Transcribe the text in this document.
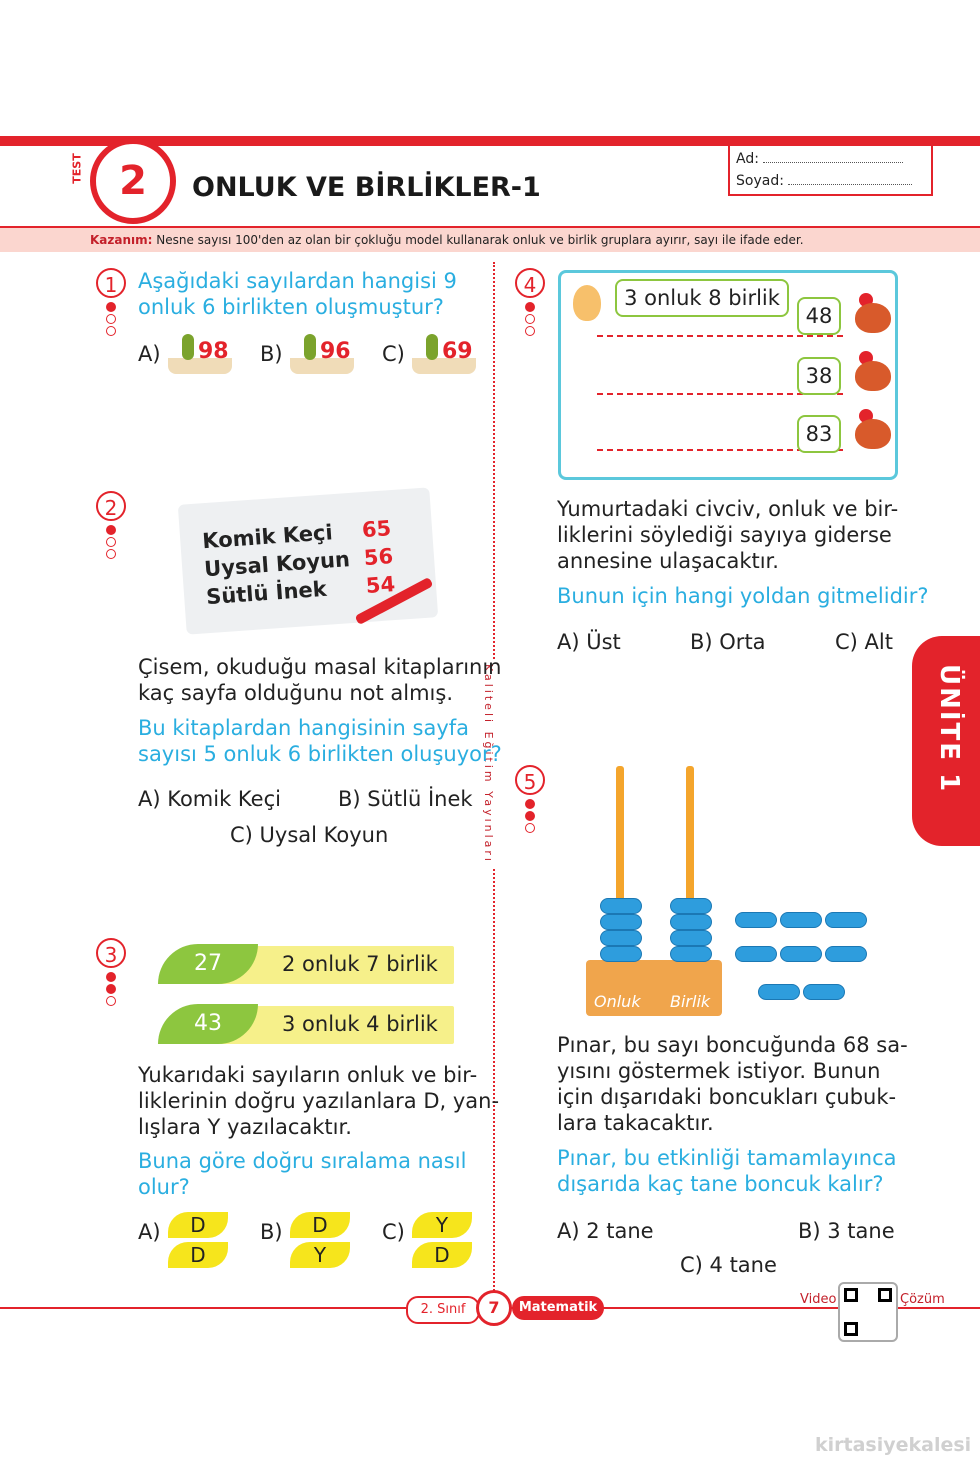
TEST 2	ONLUK VE BİRLİKLER-1
Ad:
Soyad:
Kazanım: Nesne sayısı 100'den az olan bir çokluğu model kullanarak onluk ve birlik gruplara ayırır, sayı ile ifade eder.
Kaliteli Eğitim Yayınları
1 Aşağıdaki sayılardan hangisi 9
onluk 6 birlikten oluşmuştur?
A) 98 B) 96 C) 69
2
Komik Keçi 65
Uysal Koyun 56
Sütlü İnek 54
Çisem, okuduğu masal kitaplarının
kaç sayfa olduğunu not almış.
Bu kitaplardan hangisinin sayfa
sayısı 5 onluk 6 birlikten oluşuyor?
A) Komik Keçi	B) Sütlü İnek
C) Uysal Koyun
3	27	2 onluk 7 birlik
43	3 onluk 4 birlik
Yukarıdaki sayıların onluk ve bir-
liklerinin doğru yazılanlara D, yan-
lışlara Y yazılacaktır.
Buna göre doğru sıralama nasıl
olur?
A)	D
D
B)	D
Y
C)	Y
D
4
3 onluk 8 birlik
48
38
83
Yumurtadaki civciv, onluk ve bir-
liklerini söylediği sayıya giderse
annesine ulaşacaktır.
Bunun için hangi yoldan gitmelidir?
A) Üst	B) Orta	C) Alt
ÜNİTE 1
5
Onluk Birlik
Pınar, bu sayı boncuğunda 68 sa-
yısını göstermek istiyor. Bunun
için dışarıdaki boncukları çubuk-
lara takacaktır.
Pınar, bu etkinliği tamamlayınca
dışarıda kaç tane boncuk kalır?
A) 2 tane	B) 3 tane
C) 4 tane
2. Sınıf	7	Matematik
Video	Çözüm
kirtasiyekalesi
